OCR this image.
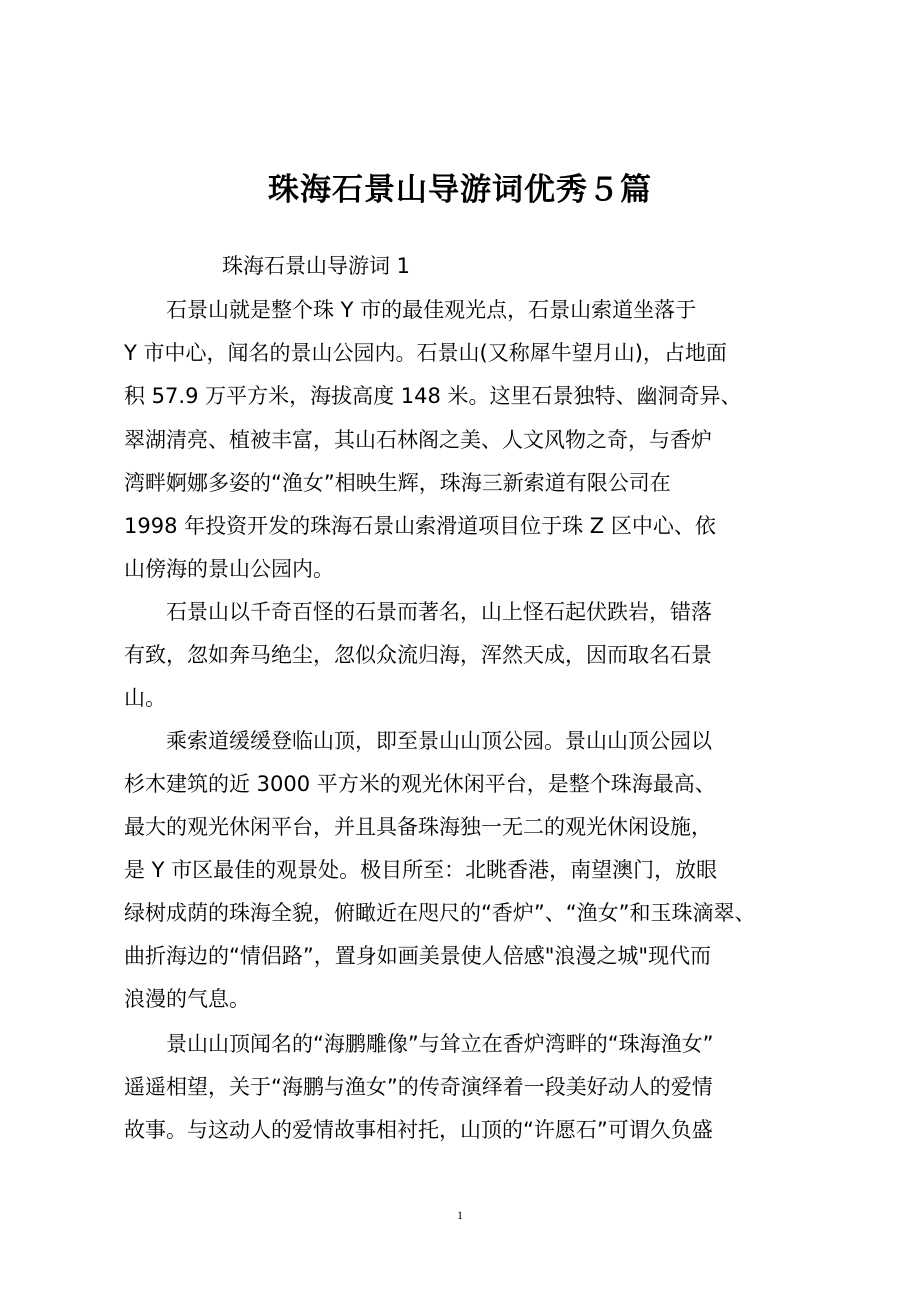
珠海石景山导游词优秀５篇
珠海石景山导游词 1
　　石景山就是整个珠 Y 市的最佳观光点，石景山索道坐落于
Y 市中心，闻名的景山公园内。石景山(又称犀牛望月山)，占地面
积 57.9 万平方米，海拔高度 148 米。这里石景独特、幽洞奇异、
翠湖清亮、植被丰富，其山石林阁之美、人文风物之奇，与香炉
湾畔婀娜多姿的“渔女”相映生辉，珠海三新索道有限公司在
1998 年投资开发的珠海石景山索滑道项目位于珠 Z 区中心、依
山傍海的景山公园内。
　　石景山以千奇百怪的石景而著名，山上怪石起伏跌岩，错落
有致，忽如奔马绝尘，忽似众流归海，浑然天成，因而取名石景
山。
　　乘索道缓缓登临山顶，即至景山山顶公园。景山山顶公园以
杉木建筑的近 3000 平方米的观光休闲平台，是整个珠海最高、
最大的观光休闲平台，并且具备珠海独一无二的观光休闲设施，
是 Y 市区最佳的观景处。极目所至：北眺香港，南望澳门，放眼
绿树成荫的珠海全貌，俯瞰近在咫尺的“香炉”、“渔女”和玉珠滴翠、
曲折海边的“情侣路”，置身如画美景使人倍感"浪漫之城"现代而
浪漫的气息。
　　景山山顶闻名的“海鹏雕像”与耸立在香炉湾畔的“珠海渔女”
遥遥相望，关于“海鹏与渔女”的传奇演绎着一段美好动人的爱情
故事。与这动人的爱情故事相衬托，山顶的“许愿石”可谓久负盛
1
